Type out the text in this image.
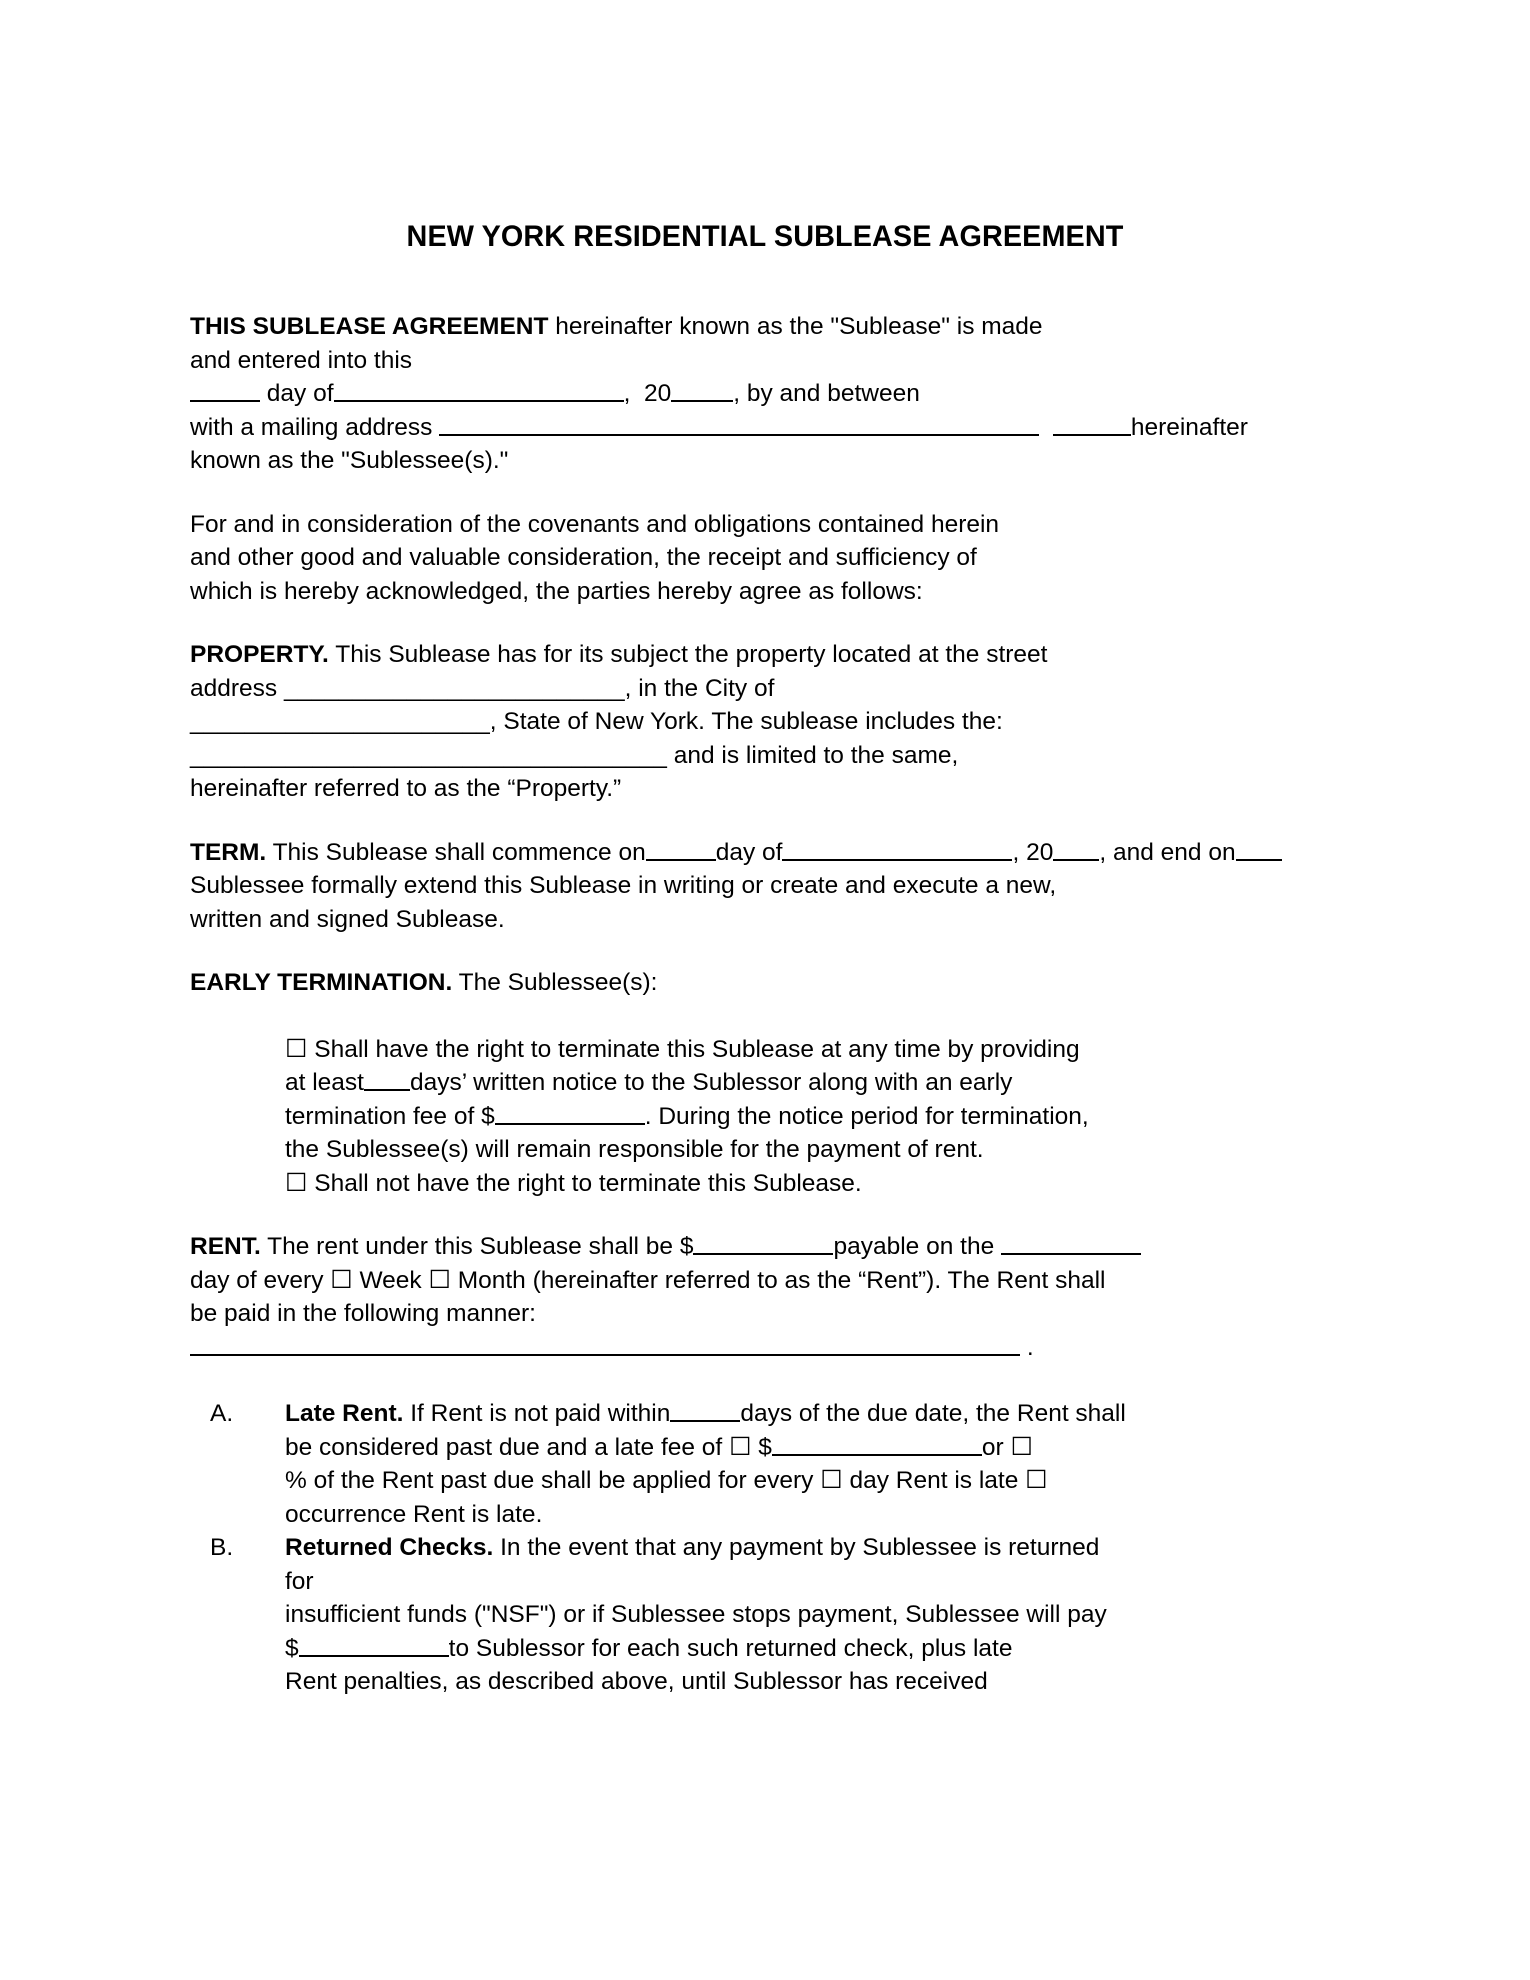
NEW YORK RESIDENTIAL SUBLEASE AGREEMENT
THIS SUBLEASE AGREEMENT hereinafter known as the "Sublease" is made
and entered into this
day of	,  20	, by and between
with a mailing address	hereinafter
known as the "Sublessee(s)."
For and in consideration of the covenants and obligations contained herein
and other good and valuable consideration, the receipt and sufficiency of
which is hereby acknowledged, the parties hereby agree as follows:
PROPERTY. This Sublease has for its subject the property located at the street
address _________________________, in the City of
______________________, State of New York. The sublease includes the:
___________________________________ and is limited to the same,
hereinafter referred to as the “Property.”
TERM. This Sublease shall commence on	day of	, 20 , and end on
Sublessee formally extend this Sublease in writing or create and execute a new,
written and signed Sublease.
EARLY TERMINATION. The Sublessee(s):
☐ Shall have the right to terminate this Sublease at any time by providing
at least days’ written notice to the Sublessor along with an early
termination fee of $	. During the notice period for termination,
the Sublessee(s) will remain responsible for the payment of rent.
☐ Shall not have the right to terminate this Sublease.
RENT. The rent under this Sublease shall be $	payable on the
day of every ☐ Week ☐ Month (hereinafter referred to as the “Rent”). The Rent shall
be paid in the following manner:
.
A.	Late Rent. If Rent is not paid within	days of the due date, the Rent shall
be considered past due and a late fee of ☐ $	or ☐
% of the Rent past due shall be applied for every ☐ day Rent is late ☐
occurrence Rent is late.
B.	Returned Checks. In the event that any payment by Sublessee is returned
for
insufficient funds ("NSF") or if Sublessee stops payment, Sublessee will pay
$	to Sublessor for each such returned check, plus late
Rent penalties, as described above, until Sublessor has received
